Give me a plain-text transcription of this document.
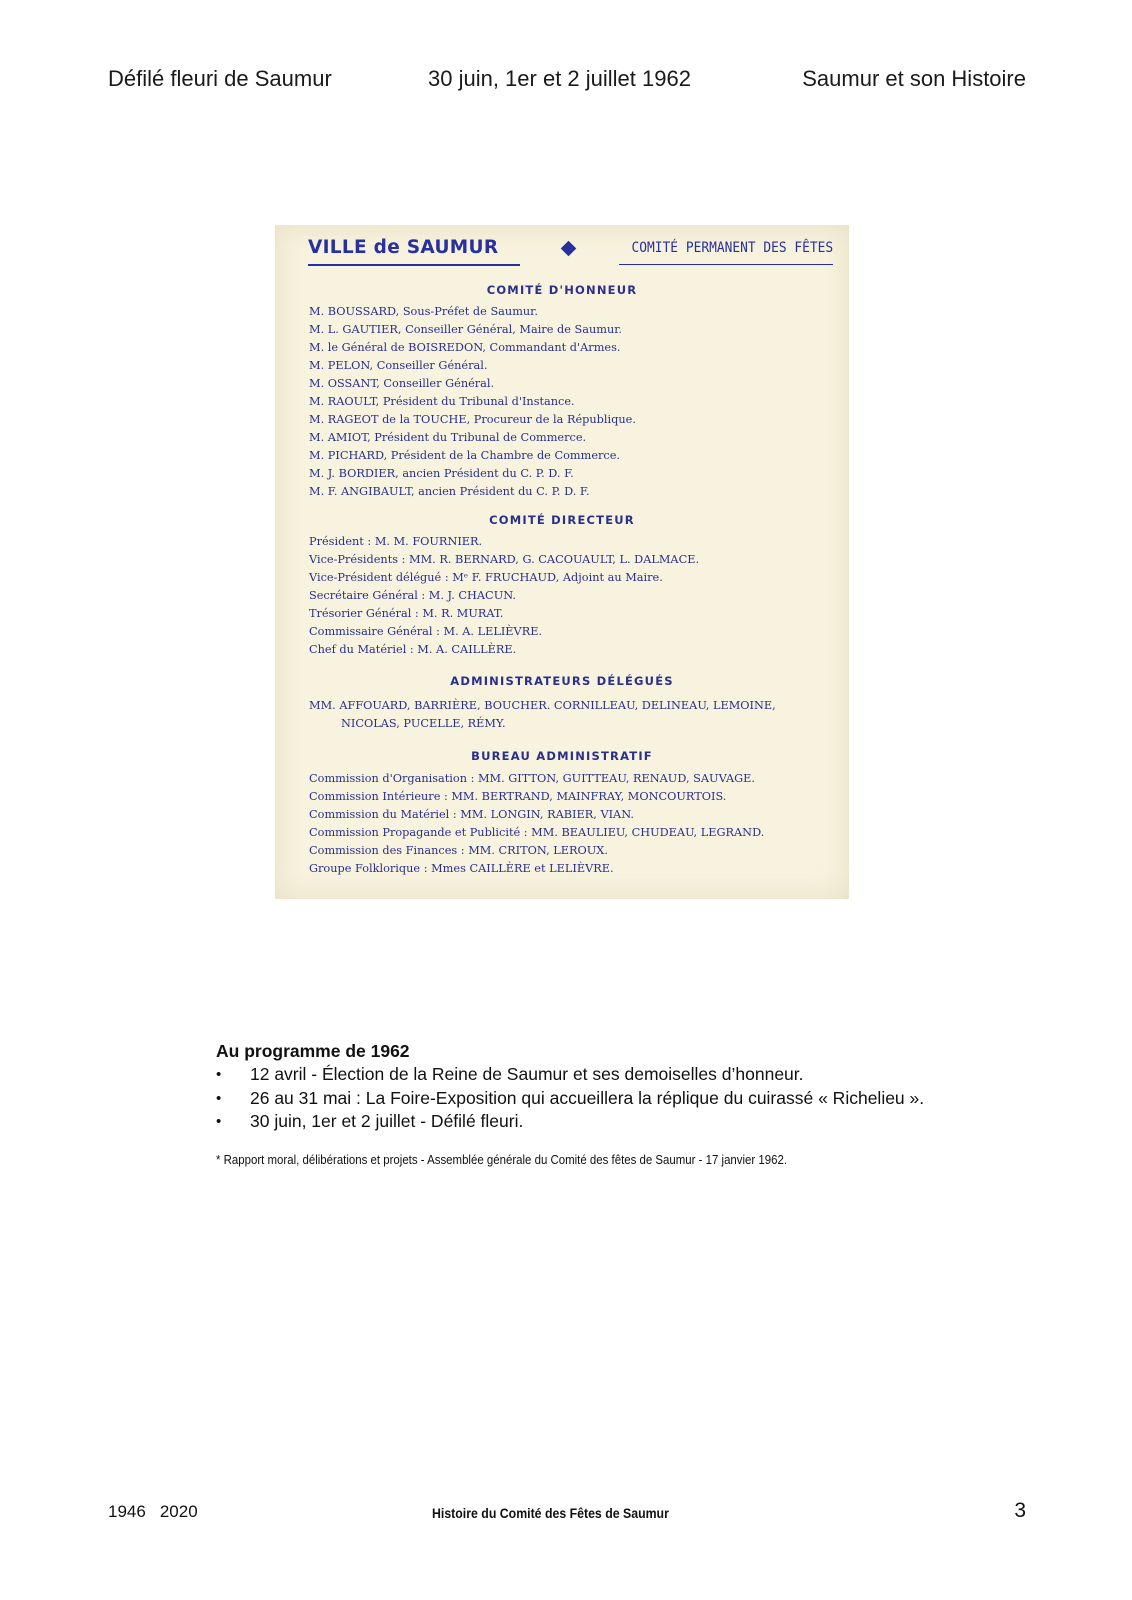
Défilé fleuri de Saumur	30 juin, 1er et 2 juillet 1962	Saumur et son Histoire
VILLE de SAUMUR	COMITÉ PERMANENT DES FÊTES
COMITÉ D'HONNEUR
M. BOUSSARD, Sous-Préfet de Saumur.
M. L. GAUTIER, Conseiller Général, Maire de Saumur.
M. le Général de BOISREDON, Commandant d'Armes.
M. PELON, Conseiller Général.
M. OSSANT, Conseiller Général.
M. RAOULT, Président du Tribunal d'Instance.
M. RAGEOT de la TOUCHE, Procureur de la République.
M. AMIOT, Président du Tribunal de Commerce.
M. PICHARD, Président de la Chambre de Commerce.
M. J. BORDIER, ancien Président du C. P. D. F.
M. F. ANGIBAULT, ancien Président du C. P. D. F.
COMITÉ DIRECTEUR
Président : M. M. FOURNIER.
Vice-Présidents : MM. R. BERNARD, G. CACOUAULT, L. DALMACE.
Vice-Président délégué : Mᵉ F. FRUCHAUD, Adjoint au Maire.
Secrétaire Général : M. J. CHACUN.
Trésorier Général : M. R. MURAT.
Commissaire Général : M. A. LELIÈVRE.
Chef du Matériel : M. A. CAILLÈRE.
ADMINISTRATEURS DÉLÉGUÉS
MM. AFFOUARD, BARRIÈRE, BOUCHER. CORNILLEAU, DELINEAU, LEMOINE,
NICOLAS, PUCELLE, RÉMY.
BUREAU ADMINISTRATIF
Commission d'Organisation : MM. GITTON, GUITTEAU, RENAUD, SAUVAGE.
Commission Intérieure : MM. BERTRAND, MAINFRAY, MONCOURTOIS.
Commission du Matériel : MM. LONGIN, RABIER, VIAN.
Commission Propagande et Publicité : MM. BEAULIEU, CHUDEAU, LEGRAND.
Commission des Finances : MM. CRITON, LEROUX.
Groupe Folklorique : Mmes CAILLÈRE et LELIÈVRE.
Au programme de 1962
• 12 avril - Élection de la Reine de Saumur et ses demoiselles d’honneur.
• 26 au 31 mai : La Foire-Exposition qui accueillera la réplique du cuirassé « Richelieu ».
• 30 juin, 1er et 2 juillet - Défilé fleuri.
* Rapport moral, délibérations et projets - Assemblée générale du Comité des fêtes de Saumur - 17 janvier 1962.
1946 2020	Histoire du Comité des Fêtes de Saumur	3
